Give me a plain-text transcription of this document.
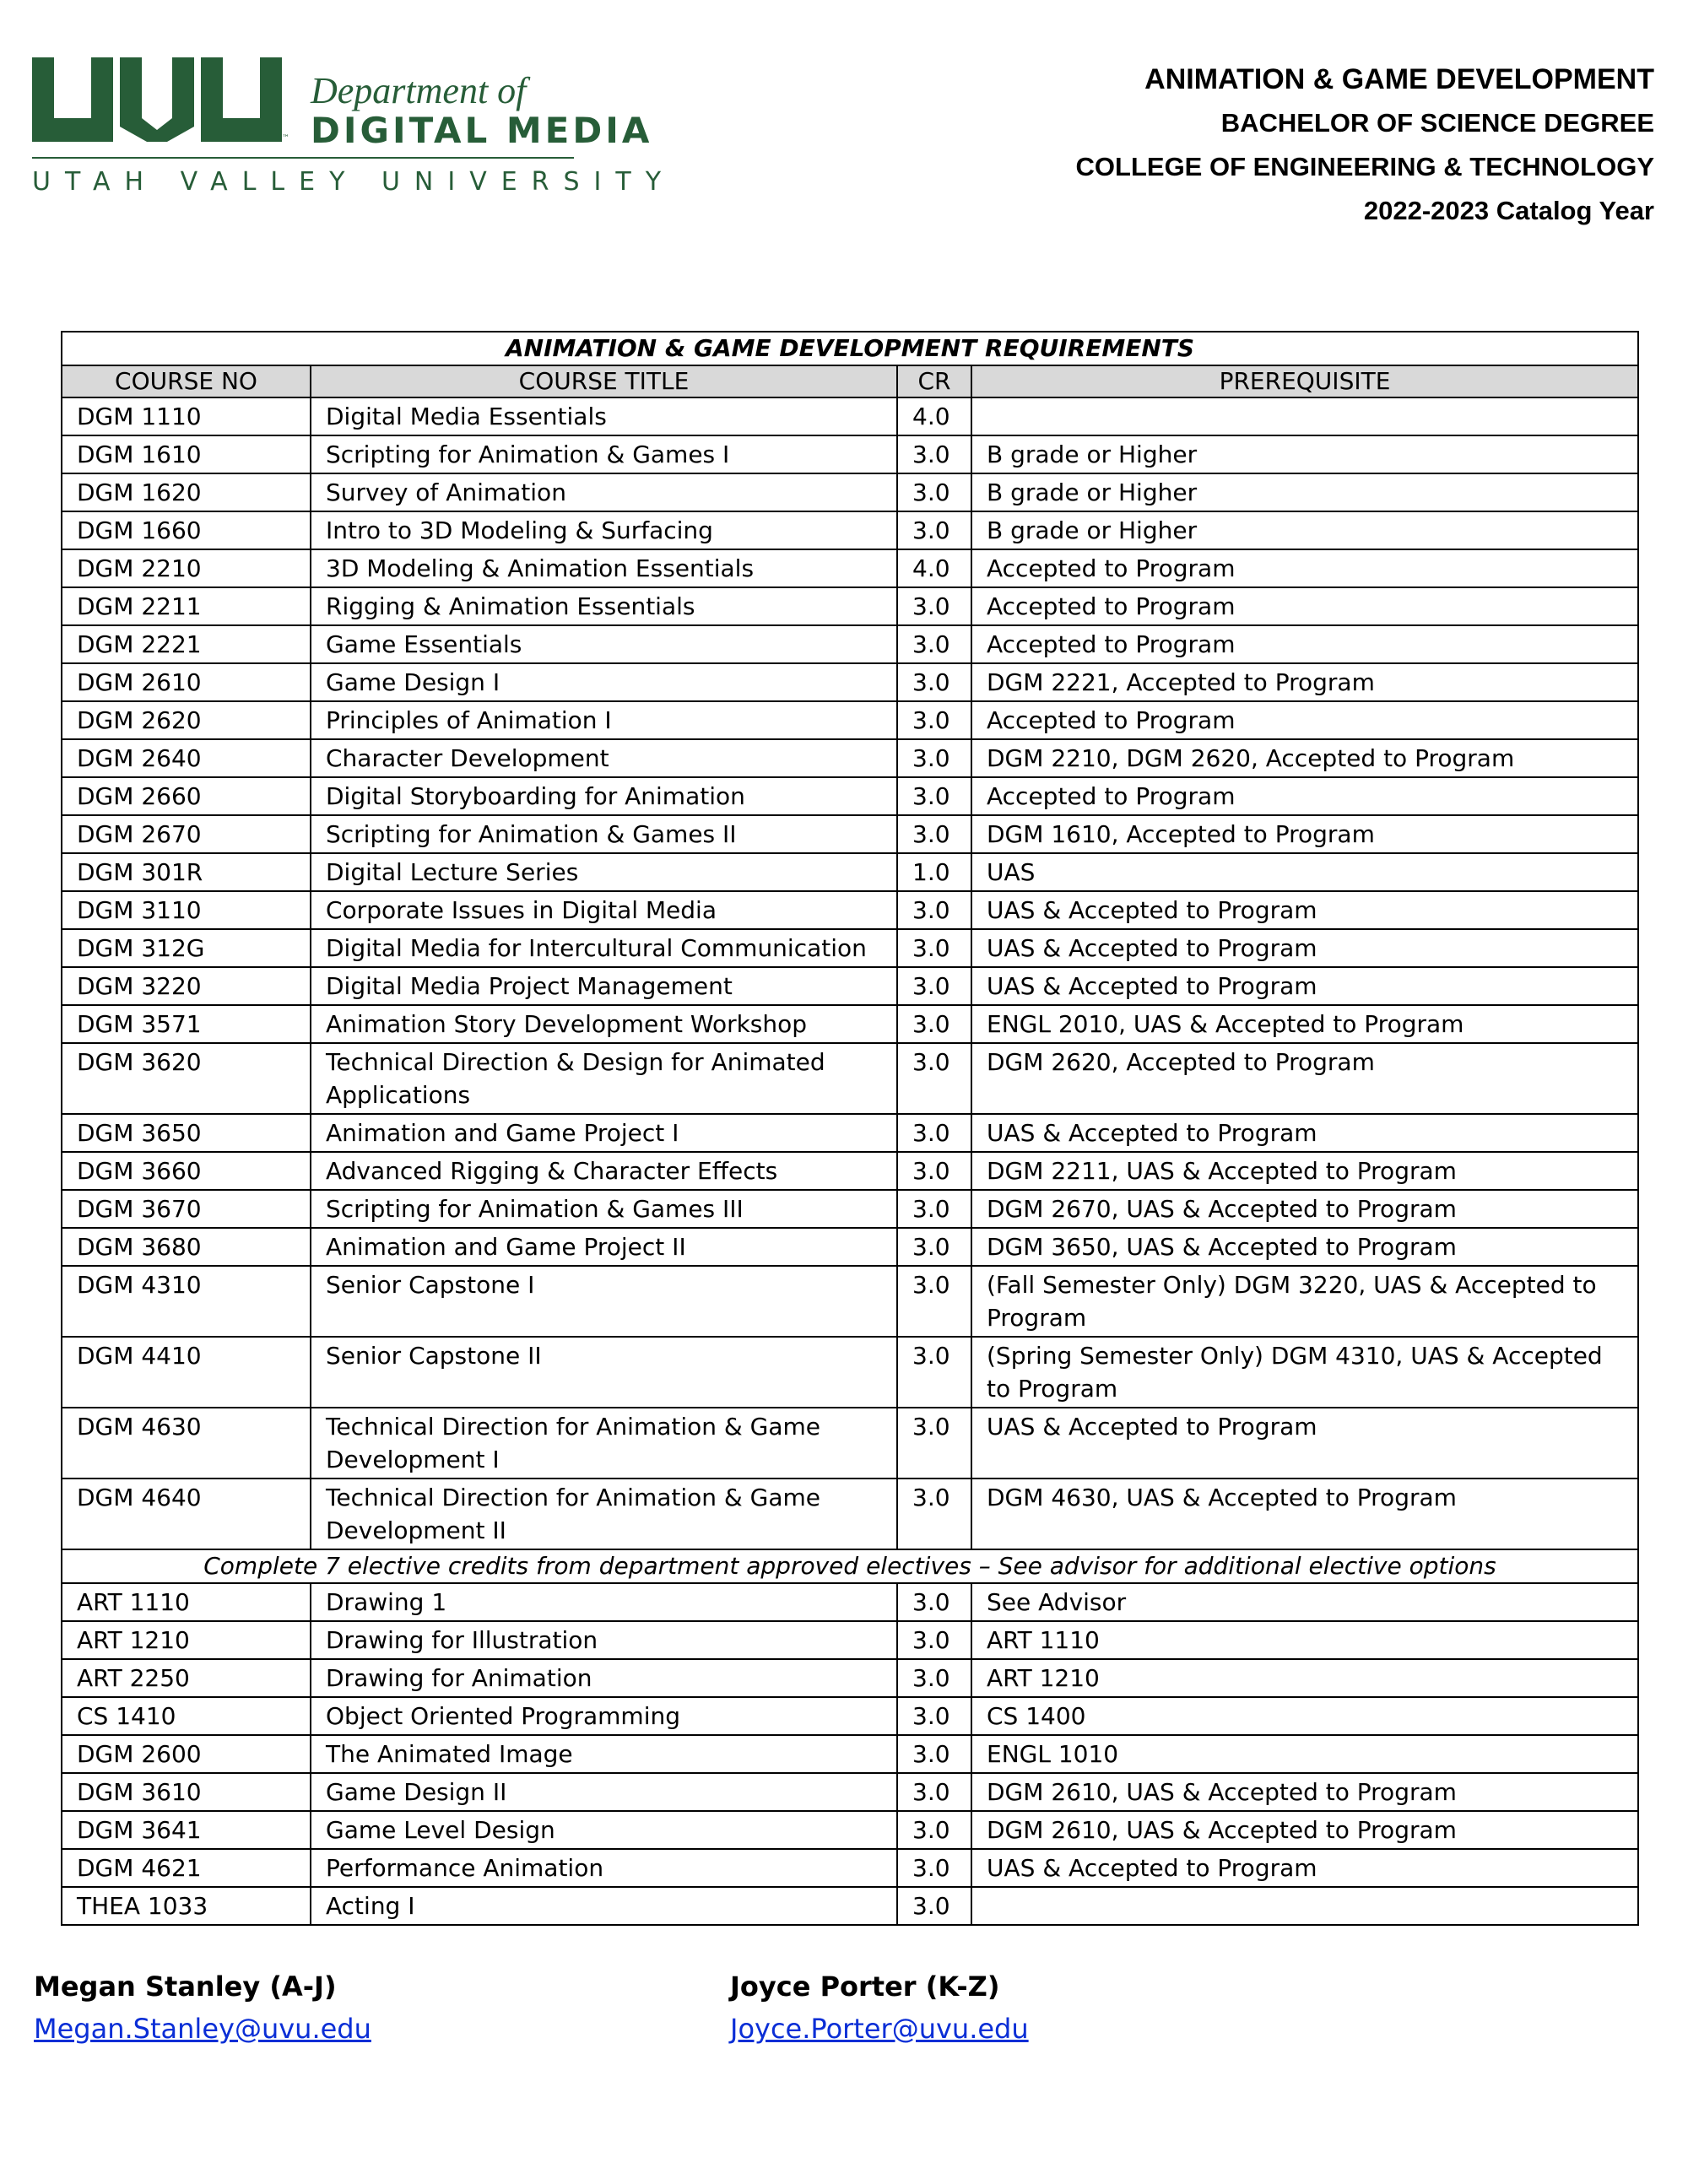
™
Department of
DIGITAL MEDIA
UTAH VALLEY UNIVERSITY
ANIMATION & GAME DEVELOPMENT
BACHELOR OF SCIENCE DEGREE
COLLEGE OF ENGINEERING & TECHNOLOGY
2022-2023 Catalog Year
ANIMATION & GAME DEVELOPMENT REQUIREMENTS			
COURSE NO	COURSE TITLE	CR	PREREQUISITE
DGM 1110	Digital Media Essentials	4.0	
DGM 1610	Scripting for Animation & Games I	3.0	B grade or Higher
DGM 1620	Survey of Animation	3.0	B grade or Higher
DGM 1660	Intro to 3D Modeling & Surfacing	3.0	B grade or Higher
DGM 2210	3D Modeling & Animation Essentials	4.0	Accepted to Program
DGM 2211	Rigging & Animation Essentials	3.0	Accepted to Program
DGM 2221	Game Essentials	3.0	Accepted to Program
DGM 2610	Game Design I	3.0	DGM 2221, Accepted to Program
DGM 2620	Principles of Animation I	3.0	Accepted to Program
DGM 2640	Character Development	3.0	DGM 2210, DGM 2620, Accepted to Program
DGM 2660	Digital Storyboarding for Animation	3.0	Accepted to Program
DGM 2670	Scripting for Animation & Games II	3.0	DGM 1610, Accepted to Program
DGM 301R	Digital Lecture Series	1.0	UAS
DGM 3110	Corporate Issues in Digital Media	3.0	UAS & Accepted to Program
DGM 312G	Digital Media for Intercultural Communication	3.0	UAS & Accepted to Program
DGM 3220	Digital Media Project Management	3.0	UAS & Accepted to Program
DGM 3571	Animation Story Development Workshop	3.0	ENGL 2010, UAS & Accepted to Program
DGM 3620	Technical Direction & Design for Animated Applications	3.0	DGM 2620, Accepted to Program
DGM 3650	Animation and Game Project I	3.0	UAS & Accepted to Program
DGM 3660	Advanced Rigging & Character Effects	3.0	DGM 2211, UAS & Accepted to Program
DGM 3670	Scripting for Animation & Games III	3.0	DGM 2670, UAS & Accepted to Program
DGM 3680	Animation and Game Project II	3.0	DGM 3650, UAS & Accepted to Program
DGM 4310	Senior Capstone I	3.0	(Fall Semester Only) DGM 3220, UAS & Accepted to Program
DGM 4410	Senior Capstone II	3.0	(Spring Semester Only) DGM 4310, UAS & Accepted to Program
DGM 4630	Technical Direction for Animation & Game Development I	3.0	UAS & Accepted to Program
DGM 4640	Technical Direction for Animation & Game Development II	3.0	DGM 4630, UAS & Accepted to Program
Complete 7 elective credits from department approved electives – See advisor for additional elective options			
ART 1110	Drawing 1	3.0	See Advisor
ART 1210	Drawing for Illustration	3.0	ART 1110
ART 2250	Drawing for Animation	3.0	ART 1210
CS 1410	Object Oriented Programming	3.0	CS 1400
DGM 2600	The Animated Image	3.0	ENGL 1010
DGM 3610	Game Design II	3.0	DGM 2610, UAS & Accepted to Program
DGM 3641	Game Level Design	3.0	DGM 2610, UAS & Accepted to Program
DGM 4621	Performance Animation	3.0	UAS & Accepted to Program
THEA 1033	Acting I	3.0	
Megan Stanley (A-J)
Megan.Stanley@uvu.edu
Joyce Porter (K-Z)
Joyce.Porter@uvu.edu
